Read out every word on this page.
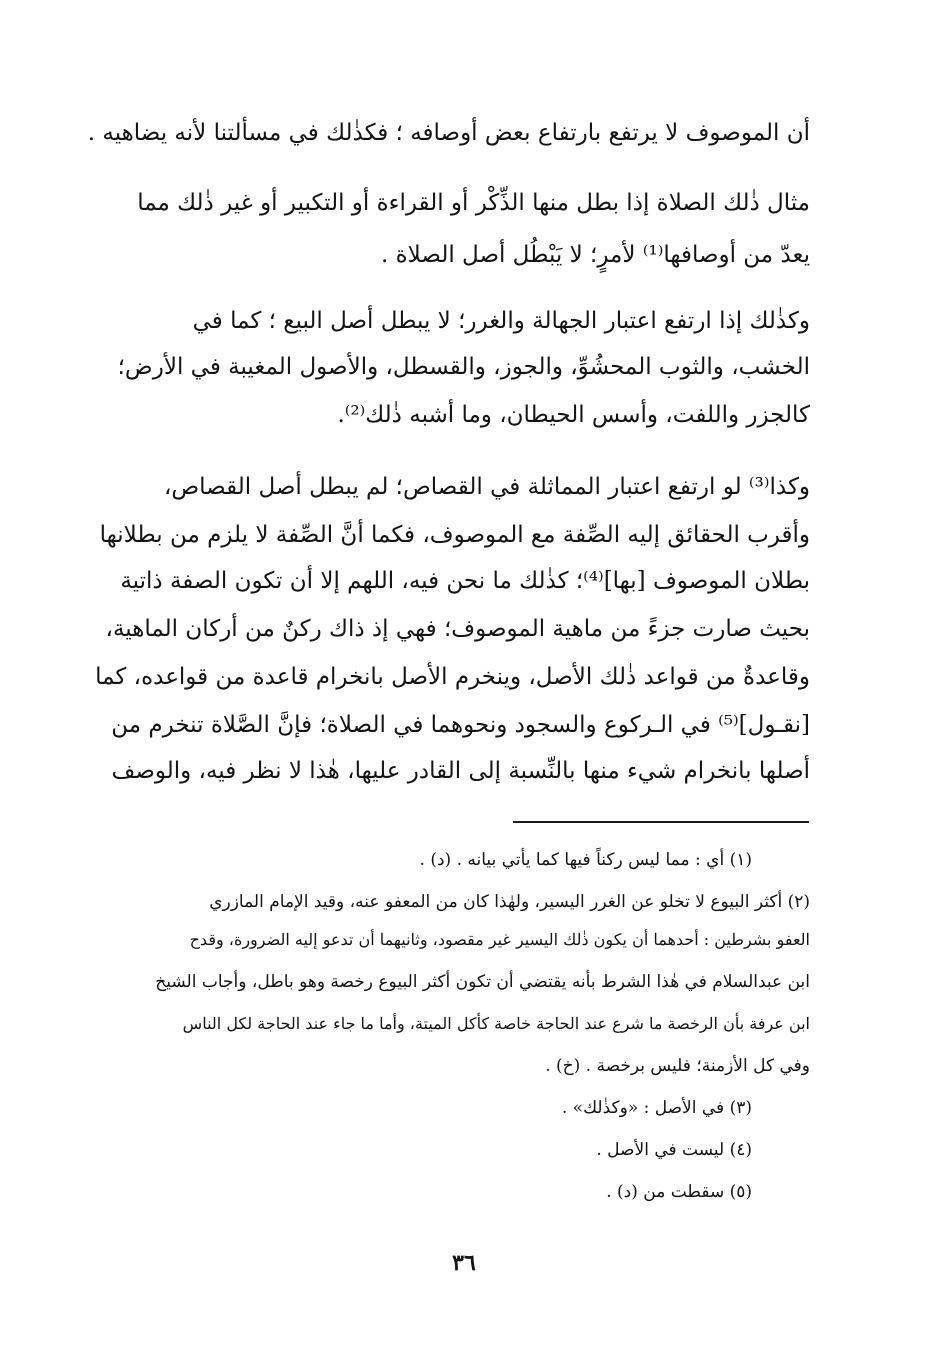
أن الموصوف لا يرتفع بارتفاع بعض أوصافه ؛ فكذٰلك في مسألتنا لأنه يضاهيه .
مثال ذٰلك الصلاة إذا بطل منها الذِّكْر أو القراءة أو التكبير أو غير ذٰلك مما
يعدّ من أوصافها⁽¹⁾ لأمرٍ؛ لا يَبْطُل أصل الصلاة .
وكذٰلك إذا ارتفع اعتبار الجهالة والغرر؛ لا يبطل أصل البيع ؛ كما في
الخشب، والثوب المحشُوِّ، والجوز، والقسطل، والأصول المغيبة في الأرض؛
كالجزر واللفت، وأسس الحيطان، وما أشبه ذٰلك⁽²⁾.
وكذا⁽³⁾ لو ارتفع اعتبار المماثلة في القصاص؛ لم يبطل أصل القصاص،
وأقرب الحقائق إليه الصِّفة مع الموصوف، فكما أنَّ الصِّفة لا يلزم من بطلانها
بطلان الموصوف [بها]⁽⁴⁾؛ كذٰلك ما نحن فيه، اللهم إلا أن تكون الصفة ذاتية
بحيث صارت جزءً من ماهية الموصوف؛ فهي إذ ذاك ركنٌ من أركان الماهية،
وقاعدةٌ من قواعد ذٰلك الأصل، وينخرم الأصل بانخرام قاعدة من قواعده، كما
[نقـول]⁽⁵⁾ في الـركوع والسجود ونحوهما في الصلاة؛ فإنَّ الصَّلاة تنخرم من
أصلها بانخرام شيء منها بالنِّسبة إلى القادر عليها، هٰذا لا نظر فيه، والوصف
(١) أي : مما ليس ركناً فيها كما يأتي بيانه . (د) .
(٢) أكثر البيوع لا تخلو عن الغرر اليسير، ولهٰذا كان من المعفو عنه، وقيد الإمام المازري
العفو بشرطين : أحدهما أن يكون ذٰلك اليسير غير مقصود، وثانيهما أن تدعو إليه الضرورة، وقدح
ابن عبدالسلام في هٰذا الشرط بأنه يقتضي أن تكون أكثر البيوع رخصة وهو باطل، وأجاب الشيخ
ابن عرفة بأن الرخصة ما شرع عند الحاجة خاصة كأكل الميتة، وأما ما جاء عند الحاجة لكل الناس
وفي كل الأزمنة؛ فليس برخصة . (خ) .
(٣) في الأصل : «وكذٰلك» .
(٤) ليست في الأصل .
(٥) سقطت من (د) .
٣٦
